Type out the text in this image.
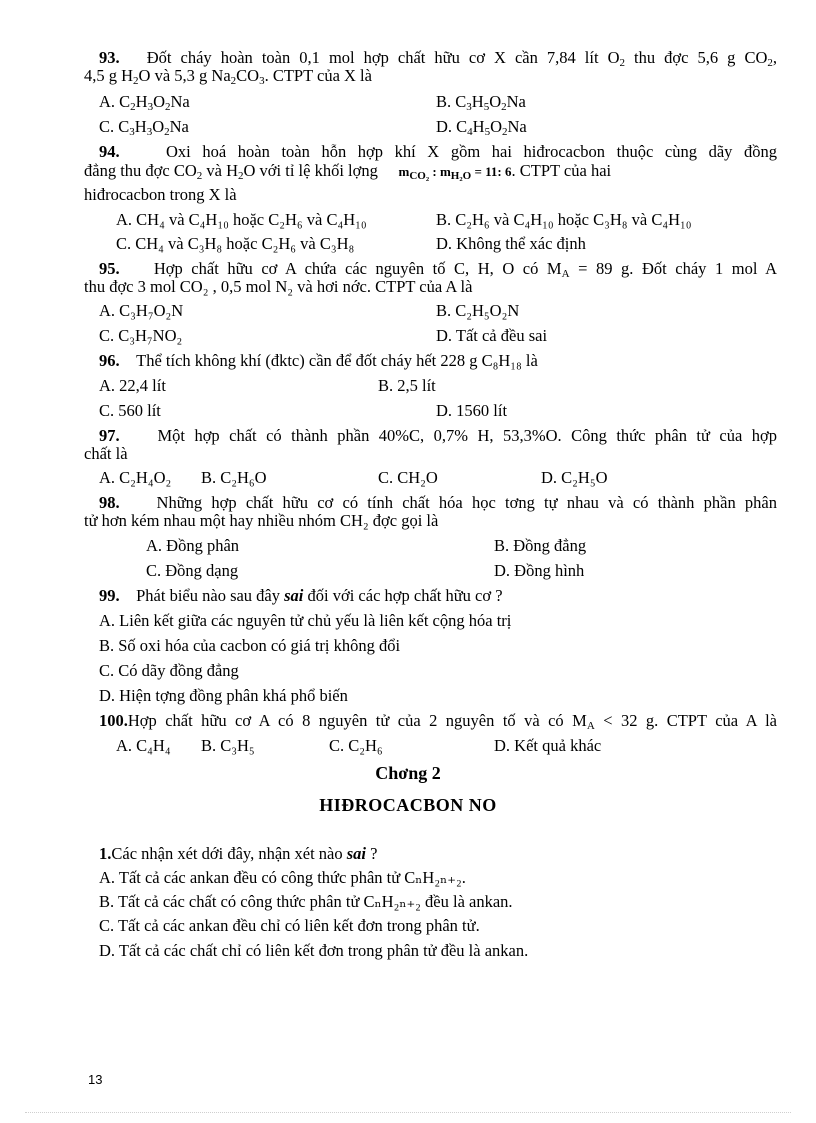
93. Đốt cháy hoàn toàn 0,1 mol hợp chất hữu cơ X cần 7,84 lít $O_2$ thu đợc 5,6 g $CO_2$,
4,5 g $H_2O$ và 5,3 g $Na_2CO_3$. CTPT của X là
A. $C_2H_3O_2Na$	B. $C_3H_5O_2Na$
C. $C_3H_3O_2Na$	D. $C_4H_5O_2Na$
94.	Oxi hoá hoàn toàn hỗn hợp khí X gồm hai hiđrocacbon thuộc cùng dãy đồng
đẳng thu đợc $CO_2$ và $H_2O$ với tỉ lệ khối lợng $m_{CO_2}$ : $m_{H_2O} = 11$: 6. CTPT của hai
hiđrocacbon trong X là
A. CH₄ và C₄H₁₀ hoặc C₂H₆ và C₄H₁₀	B. C₂H₆ và C₄H₁₀ hoặc C₃H₈ và C₄H₁₀
C. CH₄ và C₃H₈ hoặc C₂H₆ và C₃H₈	D. Không thể xác định
95. Hợp chất hữu cơ A chứa các nguyên tố C, H, O có $M_A = 89$ g. Đốt cháy 1 mol A
thu đợc 3 mol CO₂ , 0,5 mol N₂ và hơi nớc. CTPT của A là
A. C₃H₇O₂N	B. C₂H₅O₂N
C. C₃H₇NO₂	D. Tất cả đều sai
96. Thể tích không khí (đktc) cần để đốt cháy hết 228 g C₈H₁₈ là
A. 22,4 lít	B. 2,5 lít
C. 560 lít	D. 1560 lít
97. Một hợp chất có thành phần 40%C, 0,7% H, 53,3%O. Công thức phân tử của hợp
chất là
A. C₂H₄O₂ B. C₂H₆O	C. CH₂O	D. C₂H₅O
98. Những hợp chất hữu cơ có tính chất hóa học tơng tự nhau và có thành phần phân
tử hơn kém nhau một hay nhiều nhóm CH₂ đợc gọi là
A. Đồng phân	B. Đồng đẳng
C. Đồng dạng	D. Đồng hình
99. Phát biểu nào sau đây sai đối với các hợp chất hữu cơ ?
A. Liên kết giữa các nguyên tử chủ yếu là liên kết cộng hóa trị
B. Số oxi hóa của cacbon có giá trị không đổi
C. Có dãy đồng đẳng
D. Hiện tợng đồng phân khá phổ biến
100.Hợp chất hữu cơ A có 8 nguyên tử của 2 nguyên tố và có $M_A < 32$ g. CTPT của A là
A. C₄H₄ B. C₃H₅	C. C₂H₆	D. Kết quả khác
Chơng 2
HIĐROCACBON NO
1.Các nhận xét dới đây, nhận xét nào sai ?
A. Tất cả các ankan đều có công thức phân tử CₙH₂ₙ₊₂.
B. Tất cả các chất có công thức phân tử CₙH₂ₙ₊₂ đều là ankan.
C. Tất cả các ankan đều chỉ có liên kết đơn trong phân tử.
D. Tất cả các chất chỉ có liên kết đơn trong phân tử đều là ankan.
13
